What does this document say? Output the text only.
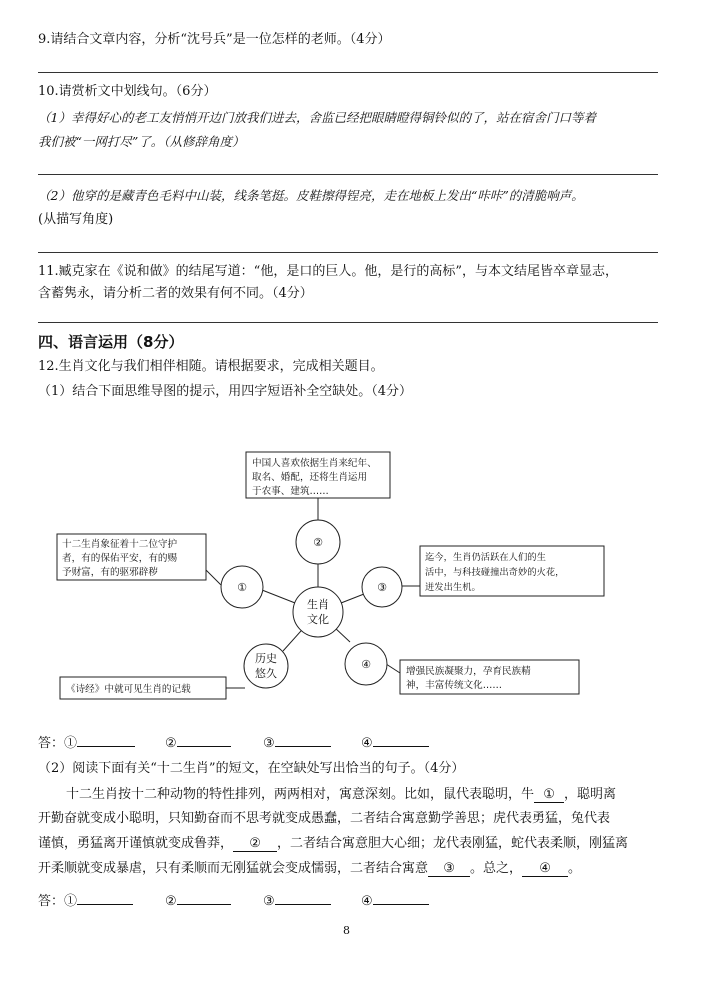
9.请结合文章内容，分析“沈号兵”是一位怎样的老师。（4分）
10.请赏析文中划线句。（6分）
（1）幸得好心的老工友悄悄开边门放我们进去，舍监已经把眼睛瞪得铜铃似的了，站在宿舍门口等着
我们被“一网打尽”了。（从修辞角度）
（2）他穿的是藏青色毛料中山装，线条笔挺。皮鞋擦得锃亮，走在地板上发出“咔咔”的清脆响声。
(从描写角度)
11.臧克家在《说和做》的结尾写道：“他，是口的巨人。他，是行的高标”，与本文结尾皆卒章显志，
含蓄隽永，请分析二者的效果有何不同。（4分）
四、语言运用（8分）
12.生肖文化与我们相伴相随。请根据要求，完成相关题目。
（1）结合下面思维导图的提示，用四字短语补全空缺处。（4分）
生肖
文化
②
①	③
④
历史
悠久
中国人喜欢依据生肖来纪年、
取名、婚配，还将生肖运用
于农事、建筑……
十二生肖象征着十二位守护
者，有的保佑平安，有的赐
予财富，有的驱邪辟秽
迄今，生肖仍活跃在人们的生
活中，与科技碰撞出奇妙的火花，
迸发出生机。
增强民族凝聚力，孕育民族精
神，丰富传统文化……
《诗经》中就可见生肖的记载
答：①	②	③	④
（2）阅读下面有关“十二生肖”的短文，在空缺处写出恰当的句子。（4分）
十二生肖按十二种动物的特性排列，两两相对，寓意深刻。比如，鼠代表聪明，牛 ① ，聪明离
开勤奋就变成小聪明，只知勤奋而不思考就变成愚蠢，二者结合寓意勤学善思；虎代表勇猛，兔代表
谨慎，勇猛离开谨慎就变成鲁莽， ② ，二者结合寓意胆大心细；龙代表刚猛，蛇代表柔顺，刚猛离
开柔顺就变成暴虐，只有柔顺而无刚猛就会变成懦弱，二者结合寓意 ③ 。总之， ④ 。
答：①	②	③	④
8
